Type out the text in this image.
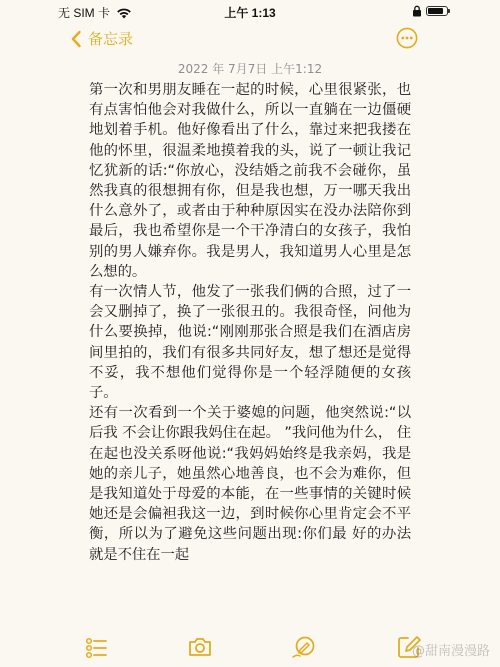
无 SIM 卡	上午 1:13
备忘录
2022 年 7月7日 上午1:12

第一次和男朋友睡在一起的时候，心里很紧张，也有点害怕他会对我做什么，所以一直躺在一边僵硬地划着手机。他好像看出了什么，靠过来把我搂在他的怀里，很温柔地摸着我的头，说了一顿让我记忆犹新的话:“你放心，没结婚之前我不会碰你，虽然我真的很想拥有你，但是我也想，万一哪天我出什么意外了，或者由于种种原因实在没办法陪你到最后，我也希望你是一个干净清白的女孩子，我怕别的男人嫌弃你。我是男人，我知道男人心里是怎么想的。

有一次情人节，他发了一张我们俩的合照，过了一会又删掉了，换了一张很丑的。我很奇怪，问他为什么要换掉，他说:“刚刚那张合照是我们在酒店房间里拍的，我们有很多共同好友，想了想还是觉得不妥，我不想他们觉得你是一个轻浮随便的女孩子。

还有一次看到一个关于婆媳的问题，他突然说:“以后我 不会让你跟我妈住在起。 ”我问他为什么， 住在起也没关系呀他说:“我妈妈始终是我亲妈，我是她的亲儿子，她虽然心地善良，也不会为难你，但是我知道处于母爱的本能，在一些事情的关键时候她还是会偏袒我这一边，到时候你心里肯定会不平衡，所以为了避免这些问题出现:你们最 好的办法就是不住在一起

@甜南漫漫路
